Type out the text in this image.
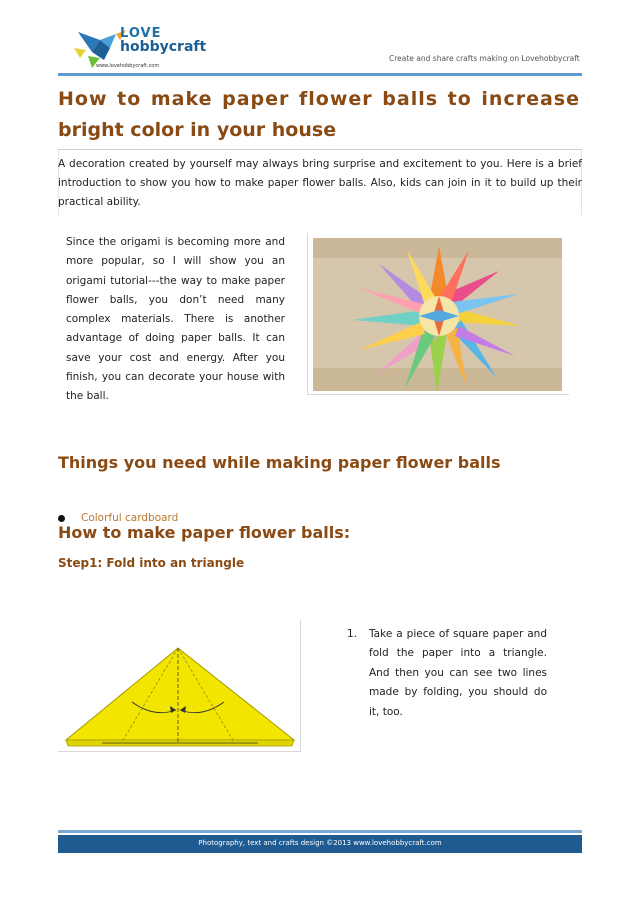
LOVE
hobbycraft
www.lovehobbycraft.com
Create and share crafts making on Lovehobbycraft
How to make paper flower balls to increase
bright color in your house

A decoration created by yourself may always bring surprise and excitement to you. Here is a brief introduction to show you how to make paper flower balls. Also, kids can join in it to build up their practical ability.

Since the origami is becoming more and more popular, so I will show you an origami tutorial---the way to make paper flower balls, you don’t need many complex materials. There is another advantage of doing paper balls. It can save your cost and energy. After you finish, you can decorate your house with the ball.

Things you need while making paper flower balls
Colorful cardboard
How to make paper flower balls:
Step1: Fold into an triangle
1. Take a piece of square paper and fold the paper into a triangle. And then you can see two lines made by folding, you should do it, too.

Photography, text and crafts design ©2013 www.lovehobbycraft.com
